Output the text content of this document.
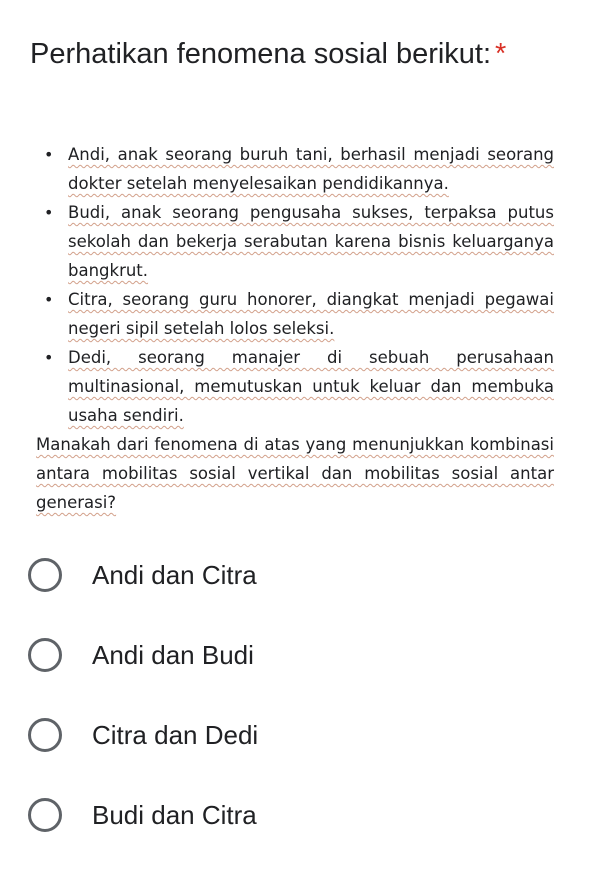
Perhatikan fenomena sosial berikut: *
• Andi, anak seorang buruh tani, berhasil menjadi seorang dokter setelah menyelesaikan pendidikannya.
• Budi, anak seorang pengusaha sukses, terpaksa putus sekolah dan bekerja serabutan karena bisnis keluarganya bangkrut.
• Citra, seorang guru honorer, diangkat menjadi pegawai negeri sipil setelah lolos seleksi.
• Dedi, seorang manajer di sebuah perusahaan multinasional, memutuskan untuk keluar dan membuka usaha sendiri.

Manakah dari fenomena di atas yang menunjukkan kombinasi antara mobilitas sosial vertikal dan mobilitas sosial antar generasi?

Andi dan Citra
Andi dan Budi
Citra dan Dedi
Budi dan Citra
